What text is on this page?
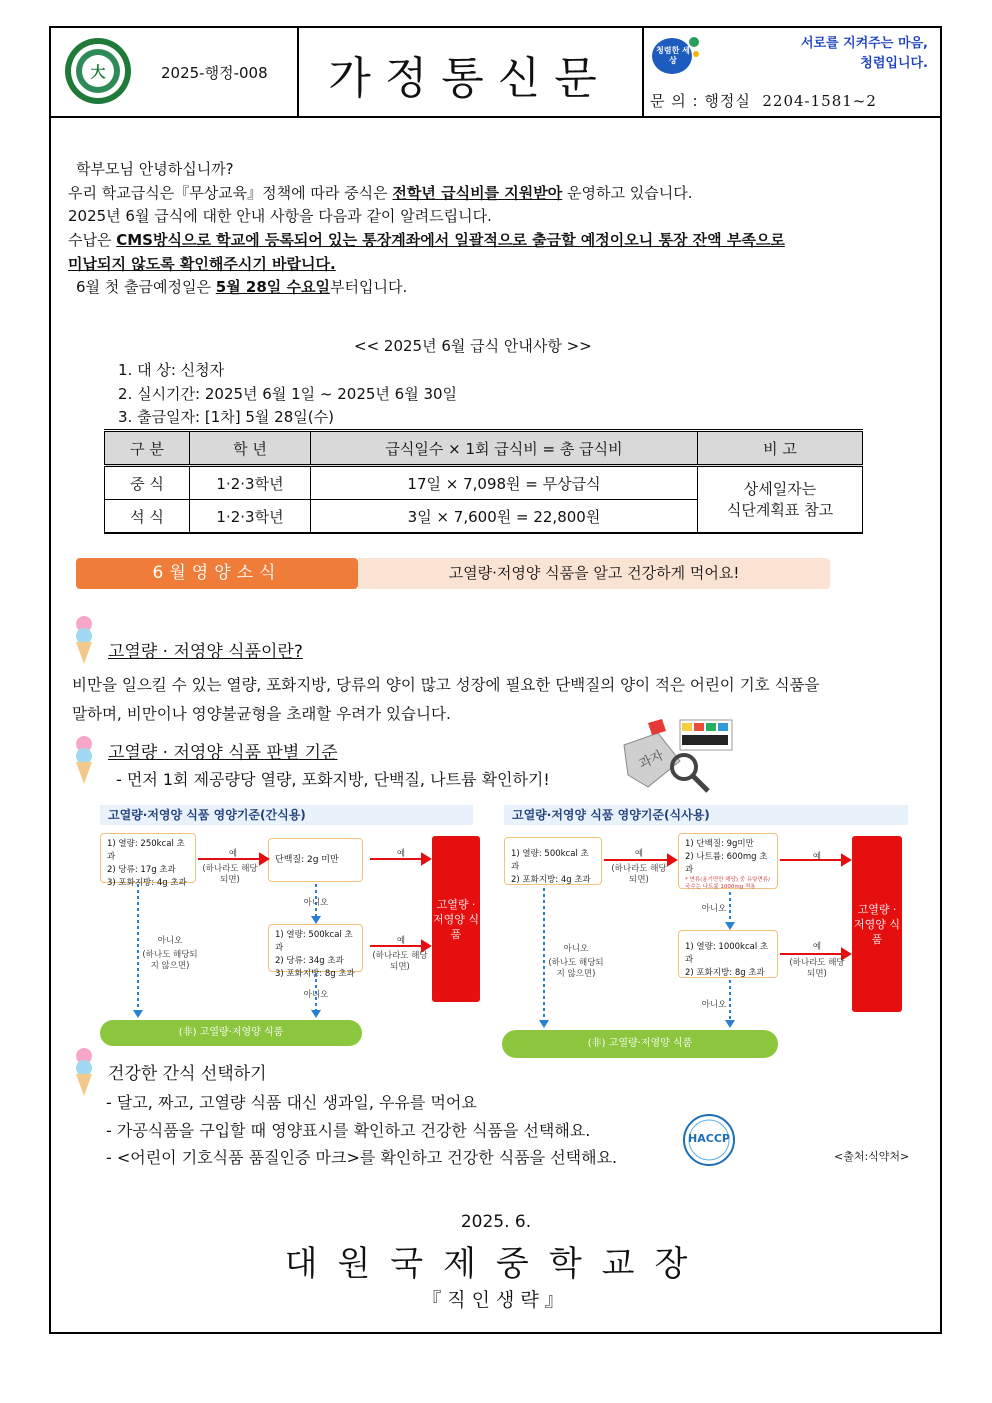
大	2025-행정-008	가정통신문
청렴한 세상
서로를 지켜주는 마음,
청렴입니다.
문 의 : 행정실 2204-1581~2
학부모님 안녕하십니까?
우리 학교급식은『무상교육』정책에 따라 중식은 전학년 급식비를 지원받아 운영하고 있습니다.
2025년 6월 급식에 대한 안내 사항을 다음과 같이 알려드립니다.
수납은 CMS방식으로 학교에 등록되어 있는 통장계좌에서 일괄적으로 출금할 예정이오니 통장 잔액 부족으로
미납되지 않도록 확인해주시기 바랍니다.
6월 첫 출금예정일은 5월 28일 수요일부터입니다.
<< 2025년 6월 급식 안내사항 >>
1. 대 상: 신청자
2. 실시기간: 2025년 6월 1일 ~ 2025년 6월 30일
3. 출금일자: [1차] 5월 28일(수)
구 분	학 년	급식일수 × 1회 급식비 = 총 급식비	비 고
중 식	1·2·3학년	17일 × 7,098원 = 무상급식	상세일자는
식단계획표 참고

석 식	1·2·3학년	3일 × 7,600원 = 22,800원	
6월영양소식	고열량·저영양 식품을 알고 건강하게 먹어요!
고열량 · 저영양 식품이란?
비만을 일으킬 수 있는 열량, 포화지방, 당류의 양이 많고 성장에 필요한 단백질의 양이 적은 어린이 기호 식품을
말하며, 비만이나 영양불균형을 초래할 우려가 있습니다.
고열량 · 저영양 식품 판별 기준
- 먼저 1회 제공량당 열량, 포화지방, 단백질, 나트륨 확인하기!
과자
고열량·저영양 식품 영양기준(간식용)
1) 열량: 250kcal 초과
2) 당류: 17g 초과
3) 포화지방: 4g 초과
단백질: 2g 미만
1) 열량: 500kcal 초과
2) 당류: 34g 초과
3) 포화지방: 8g 초과
예
(하나라도 해당되면)
예
예
(하나라도 해당되면)
아니오
아니오
아니오
(하나도 해당되지 않으면)
고열량 · 저영양 식품
(非) 고열량·저영양 식품
고열량·저영양 식품 영양기준(식사용)
1) 열량: 500kcal 초과
2) 포화지방: 4g 초과
1) 단백질: 9g미만
2) 나트륨: 600mg 초과
* 면류(용기면만 해당) 중 유탕면류/국수는 나트륨 1000mg 적용
1) 열량: 1000kcal 초과
2) 포화지방: 8g 초과
예
(하나라도 해당되면)
예
예
(하나라도 해당되면)
아니오
아니오
아니오
(하나도 해당되지 않으면)
고열량 · 저영양 식품
(非) 고열량·저영양 식품
건강한 간식 선택하기
- 달고, 짜고, 고열량 식품 대신 생과일, 우유를 먹어요
- 가공식품을 구입할 때 영양표시를 확인하고 건강한 식품을 선택해요.
- <어린이 기호식품 품질인증 마크>를 확인하고 건강한 식품을 선택해요.
HACCP
<출처:식약처>
2025. 6.
대원국제중학교장
『직인생략』
